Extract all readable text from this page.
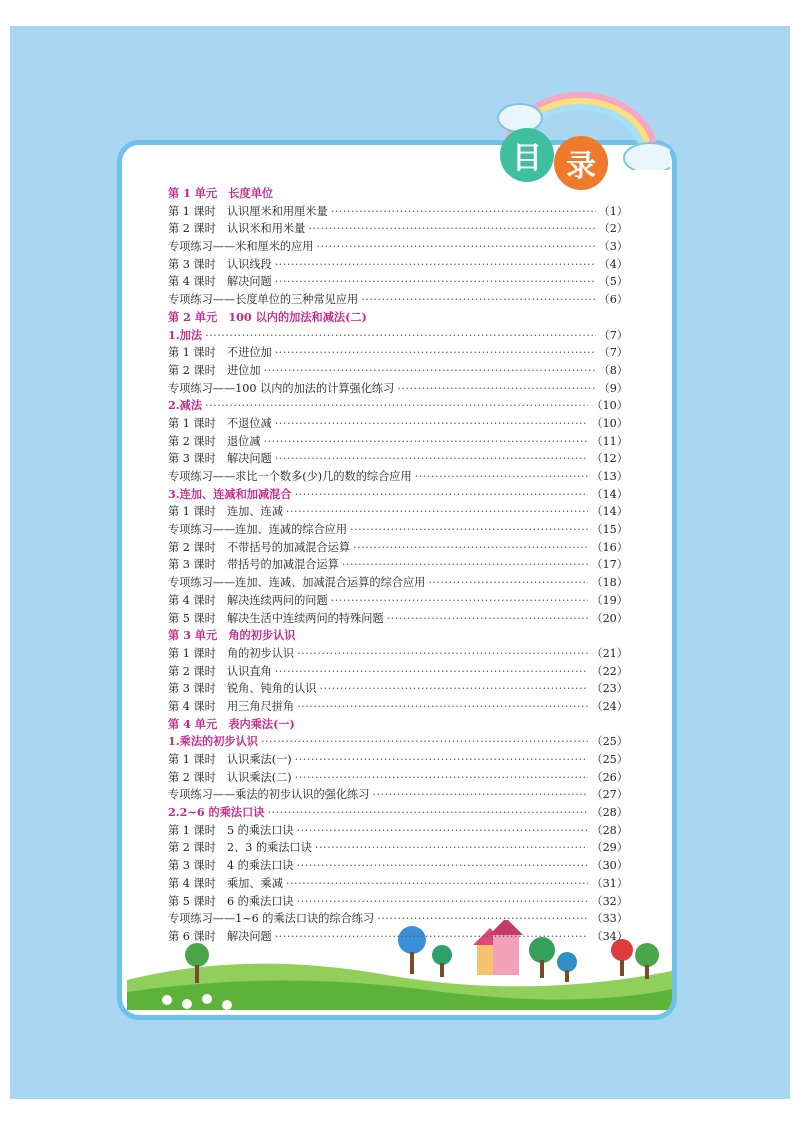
目 录
第 1 单元　长度单位
第 1 课时　认识厘米和用厘米量 ·····	（1）
第 2 课时　认识米和用米量 ·····	（2）
专项练习——米和厘米的应用 ·····	（3）
第 3 课时　认识线段 ·····	（4）
第 4 课时　解决问题 ·····	（5）
专项练习——长度单位的三种常见应用 ·····	（6）
第 2 单元　100 以内的加法和减法(二)
1.加法 ·····	（7）
第 1 课时　不进位加 ·····	（7）
第 2 课时　进位加 ·····	（8）
专项练习——100 以内的加法的计算强化练习 ·····	（9）
2.减法 ·····	（10）
第 1 课时　不退位减 ·····	（10）
第 2 课时　退位减 ·····	（11）
第 3 课时　解决问题 ·····	（12）
专项练习——求比一个数多(少)几的数的综合应用 ·····	（13）
3.连加、连减和加减混合 ·····	（14）
第 1 课时　连加、连减 ·····	（14）
专项练习——连加、连减的综合应用 ·····	（15）
第 2 课时　不带括号的加减混合运算 ·····	（16）
第 3 课时　带括号的加减混合运算 ·····	（17）
专项练习——连加、连减、加减混合运算的综合应用 ·····	（18）
第 4 课时　解决连续两问的问题 ·····	（19）
第 5 课时　解决生活中连续两问的特殊问题 ·····	（20）
第 3 单元　角的初步认识
第 1 课时　角的初步认识 ·····	（21）
第 2 课时　认识直角 ·····	（22）
第 3 课时　锐角、钝角的认识 ·····	（23）
第 4 课时　用三角尺拼角 ·····	（24）
第 4 单元　表内乘法(一)
1.乘法的初步认识 ·····	（25）
第 1 课时　认识乘法(一) ·····	（25）
第 2 课时　认识乘法(二) ·····	（26）
专项练习——乘法的初步认识的强化练习 ·····	（27）
2.2~6 的乘法口诀 ·····	（28）
第 1 课时　5 的乘法口诀 ·····	（28）
第 2 课时　2、3 的乘法口诀 ·····	（29）
第 3 课时　4 的乘法口诀 ·····	（30）
第 4 课时　乘加、乘减 ·····	（31）
第 5 课时　6 的乘法口诀 ·····	（32）
专项练习——1~6 的乘法口诀的综合练习 ·····	（33）
第 6 课时　解决问题 ·····	（34）
